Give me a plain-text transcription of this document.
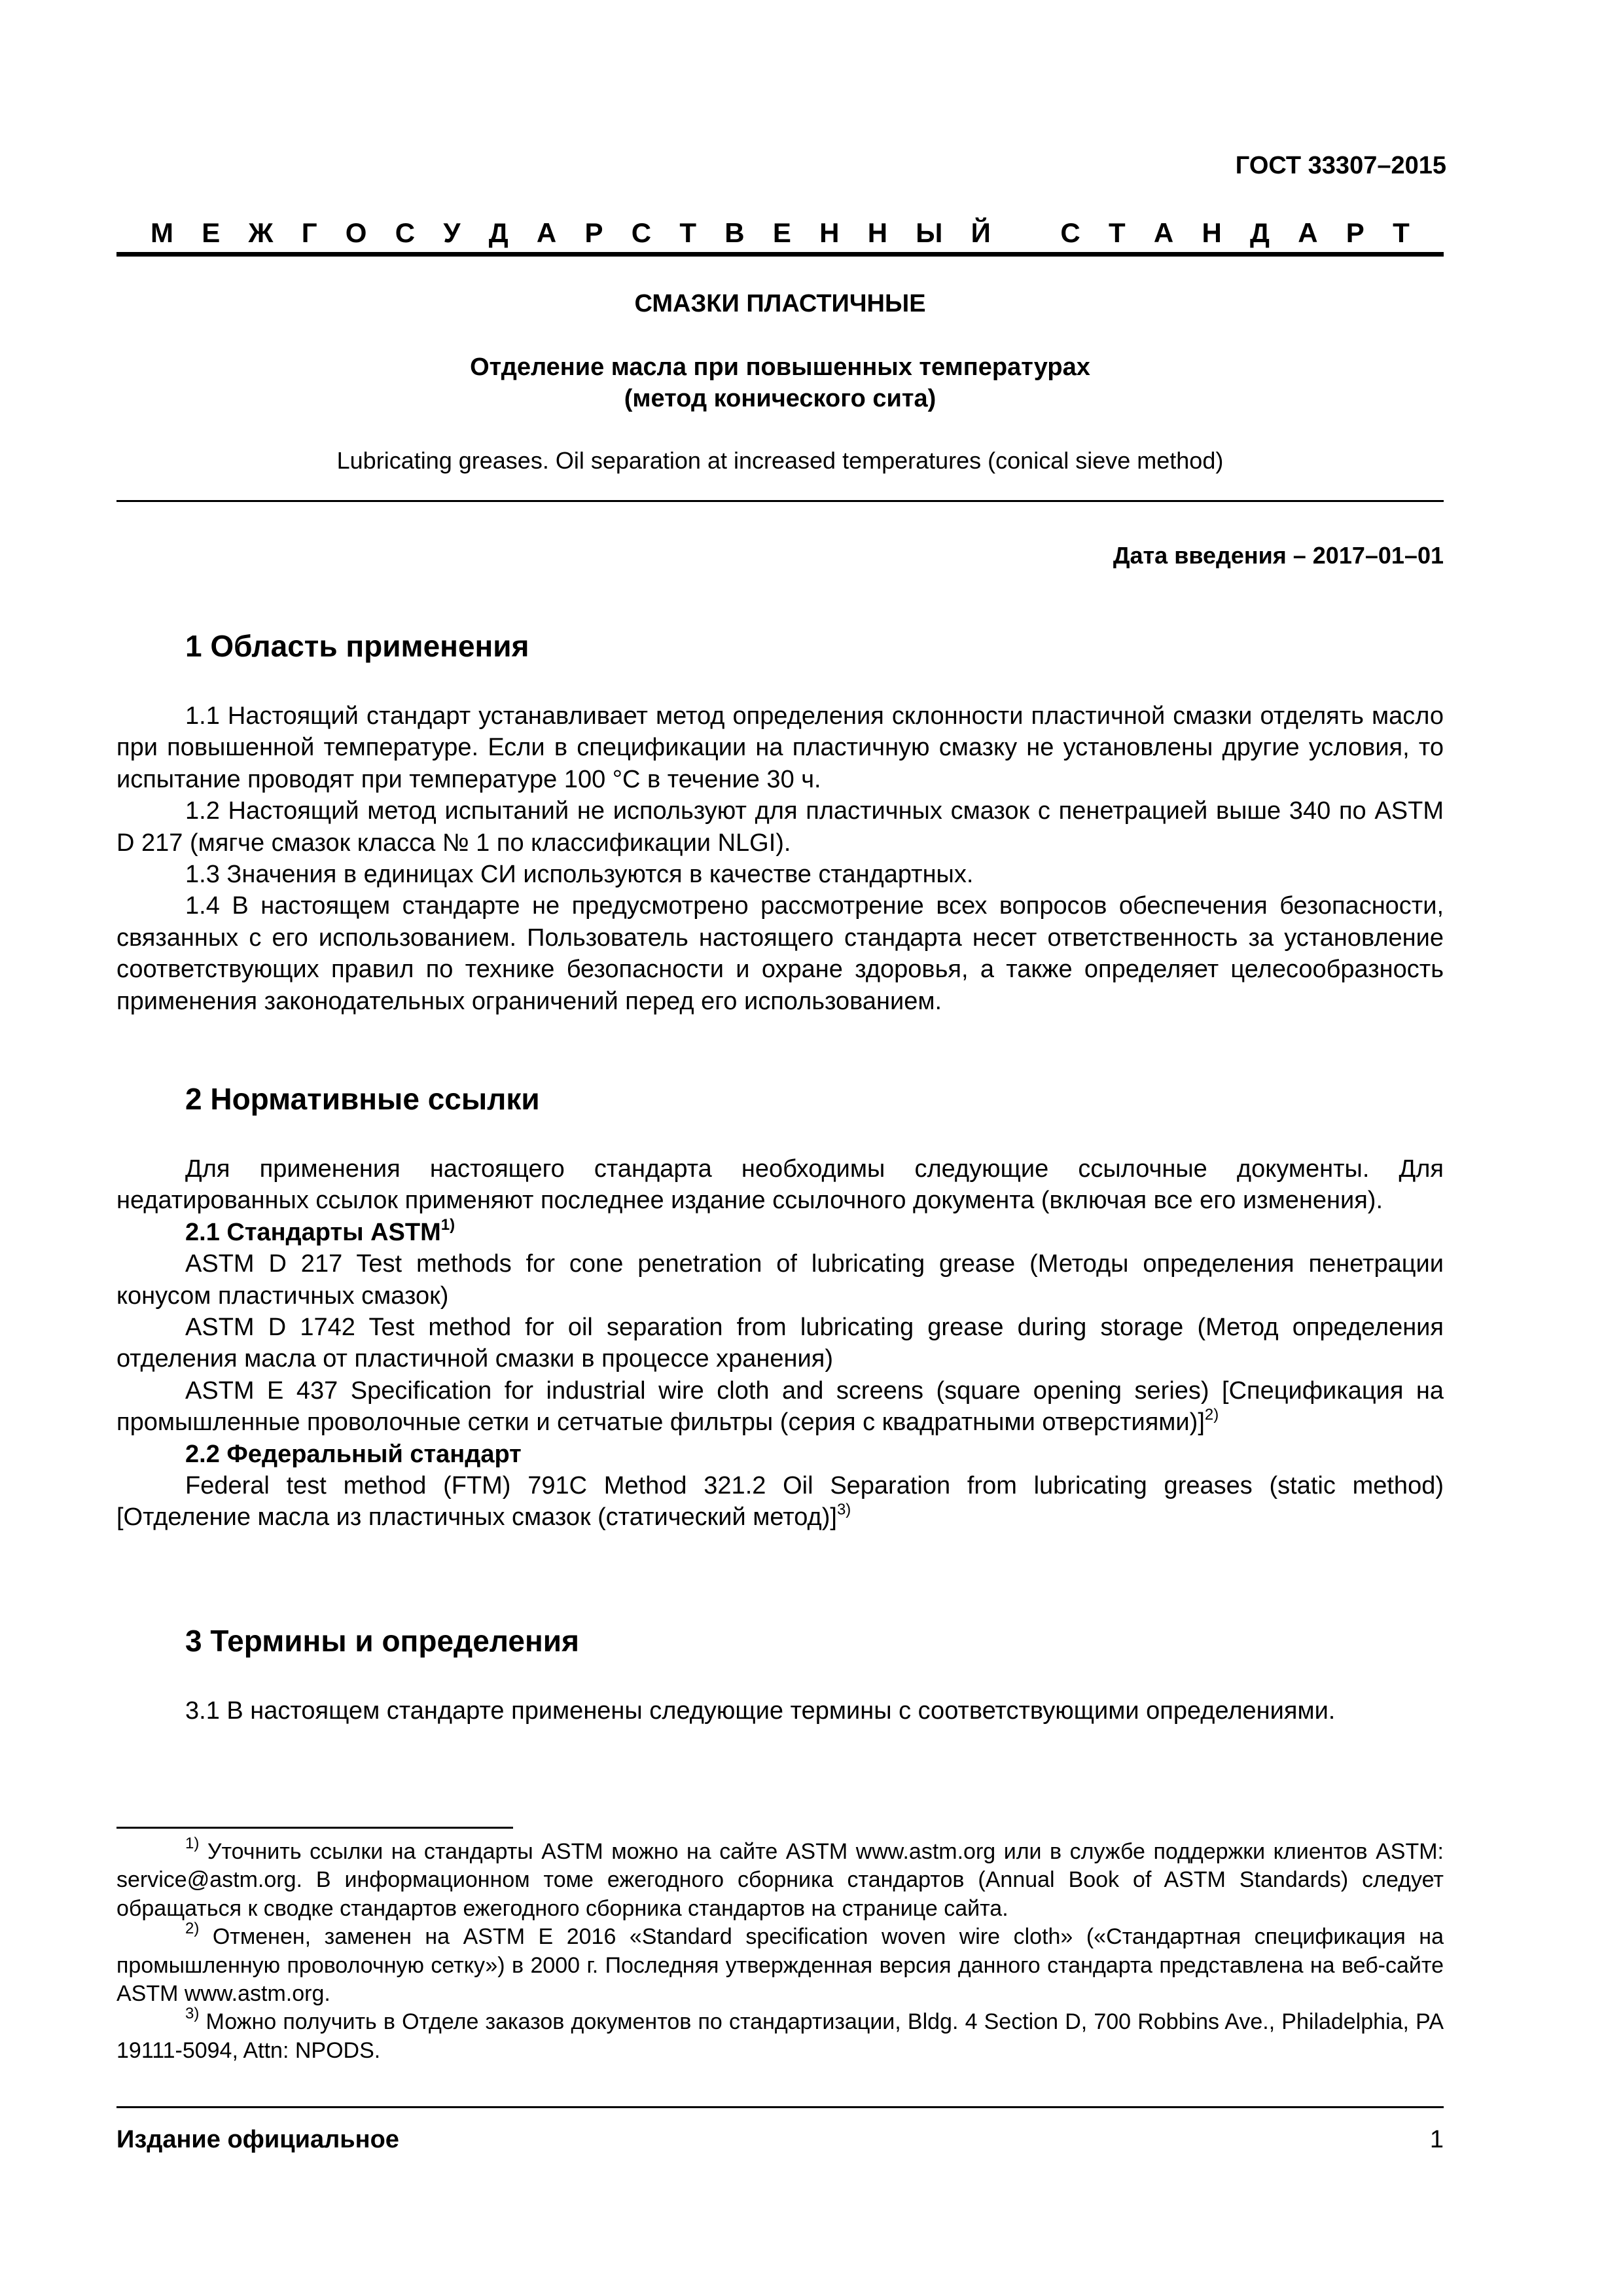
ГОСТ 33307–2015
М Е Ж Г О С У Д А Р С Т В Е Н Н Ы Й	С Т А Н Д А Р Т
СМАЗКИ ПЛАСТИЧНЫЕ
Отделение масла при повышенных температурах
(метод конического сита)
Lubricating greases. Oil separation at increased temperatures (conical sieve method)
Дата введения – 2017–01–01
1 Область применения

1.1 Настоящий стандарт устанавливает метод определения склонности пластичной смазки отделять масло при повышенной температуре. Если в спецификации на пластичную смазку не установлены другие условия, то испытание проводят при температуре 100 °С в течение 30 ч.

1.2 Настоящий метод испытаний не используют для пластичных смазок с пенетрацией выше 340 по ASTM D 217 (мягче смазок класса № 1 по классификации NLGI).

1.3 Значения в единицах СИ используются в качестве стандартных.

1.4 В настоящем стандарте не предусмотрено рассмотрение всех вопросов обеспечения безопасности, связанных с его использованием. Пользователь настоящего стандарта несет ответственность за установление соответствующих правил по технике безопасности и охране здоровья, а также определяет целесообразность применения законодательных ограничений перед его использованием.

2 Нормативные ссылки

Для применения настоящего стандарта необходимы следующие ссылочные документы. Для недатированных ссылок применяют последнее издание ссылочного документа (включая все его изменения).

2.1 Стандарты ASTM$^{1)}$

ASTM D 217 Test methods for cone penetration of lubricating grease (Методы определения пенетрации конусом пластичных смазок)

ASTM D 1742 Test method for oil separation from lubricating grease during storage (Метод определения отделения масла от пластичной смазки в процессе хранения)

ASTM E 437 Specification for industrial wire cloth and screens (square opening series) [Спецификация на промышленные проволочные сетки и сетчатые фильтры (серия с квадратными отверстиями)]$^{2)}$

2.2 Федеральный стандарт

Federal test method (FTM) 791C Method 321.2 Oil Separation from lubricating greases (static method) [Отделение масла из пластичных смазок (статический метод)]$^{3)}$

3 Термины и определения

3.1 В настоящем стандарте применены следующие термины с соответствующими определениями.

$^{1)}$ Уточнить ссылки на стандарты ASTM можно на сайте ASTM www.astm.org или в службе поддержки клиентов ASTM: service@astm.org. В информационном томе ежегодного сборника стандартов (Annual Book of ASTM Standards) следует обращаться к сводке стандартов ежегодного сборника стандартов на странице сайта.

$^{2)}$ Отменен, заменен на ASTM E 2016 «Standard specification woven wire cloth» («Стандартная спецификация на промышленную проволочную сетку») в 2000 г. Последняя утвержденная версия данного стандарта представлена на веб-сайте ASTM www.astm.org.

$^{3)}$ Можно получить в Отделе заказов документов по стандартизации, Bldg. 4 Section D, 700 Robbins Ave., Philadelphia, PA 19111-5094, Attn: NPODS.

Издание официальное	1
